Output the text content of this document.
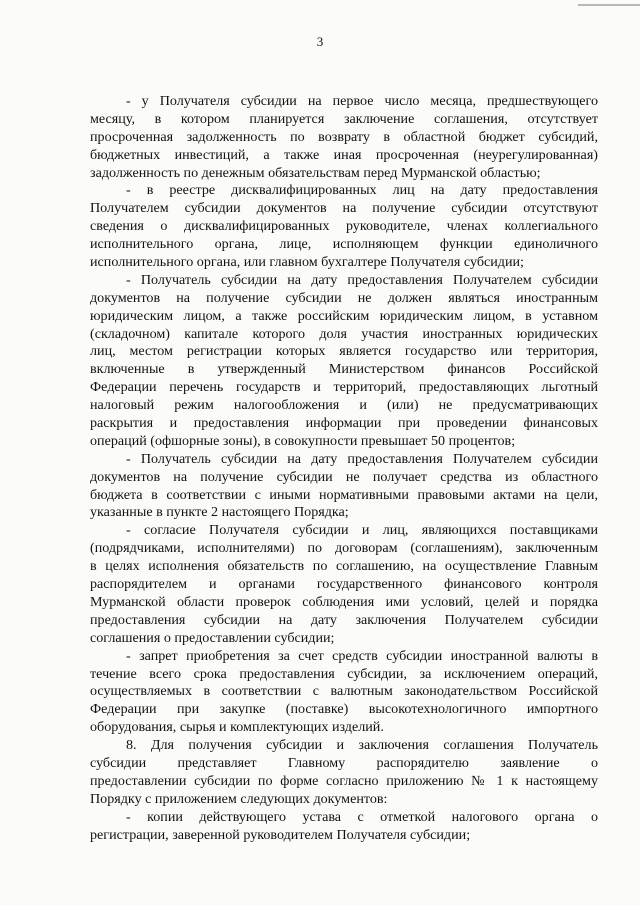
3
- у Получателя субсидии на первое число месяца, предшествующего
месяцу, в котором планируется заключение соглашения, отсутствует
просроченная задолженность по возврату в областной бюджет субсидий,
бюджетных инвестиций, а также иная просроченная (неурегулированная)
задолженность по денежным обязательствам перед Мурманской областью;
- в реестре дисквалифицированных лиц на дату предоставления
Получателем субсидии документов на получение субсидии отсутствуют
сведения о дисквалифицированных руководителе, членах коллегиального
исполнительного органа, лице, исполняющем функции единоличного
исполнительного органа, или главном бухгалтере Получателя субсидии;
- Получатель субсидии на дату предоставления Получателем субсидии
документов на получение субсидии не должен являться иностранным
юридическим лицом, а также российским юридическим лицом, в уставном
(складочном) капитале которого доля участия иностранных юридических
лиц, местом регистрации которых является государство или территория,
включенные в утвержденный Министерством финансов Российской
Федерации перечень государств и территорий, предоставляющих льготный
налоговый режим налогообложения и (или) не предусматривающих
раскрытия и предоставления информации при проведении финансовых
операций (офшорные зоны), в совокупности превышает 50 процентов;
- Получатель субсидии на дату предоставления Получателем субсидии
документов на получение субсидии не получает средства из областного
бюджета в соответствии с иными нормативными правовыми актами на цели,
указанные в пункте 2 настоящего Порядка;
- согласие Получателя субсидии и лиц, являющихся поставщиками
(подрядчиками, исполнителями) по договорам (соглашениям), заключенным
в целях исполнения обязательств по соглашению, на осуществление Главным
распорядителем и органами государственного финансового контроля
Мурманской области проверок соблюдения ими условий, целей и порядка
предоставления субсидии на дату заключения Получателем субсидии
соглашения о предоставлении субсидии;
- запрет приобретения за счет средств субсидии иностранной валюты в
течение всего срока предоставления субсидии, за исключением операций,
осуществляемых в соответствии с валютным законодательством Российской
Федерации при закупке (поставке) высокотехнологичного импортного
оборудования, сырья и комплектующих изделий.
8. Для получения субсидии и заключения соглашения Получатель
субсидии представляет Главному распорядителю заявление о
предоставлении субсидии по форме согласно приложению № 1 к настоящему
Порядку с приложением следующих документов:
- копии действующего устава с отметкой налогового органа о
регистрации, заверенной руководителем Получателя субсидии;
